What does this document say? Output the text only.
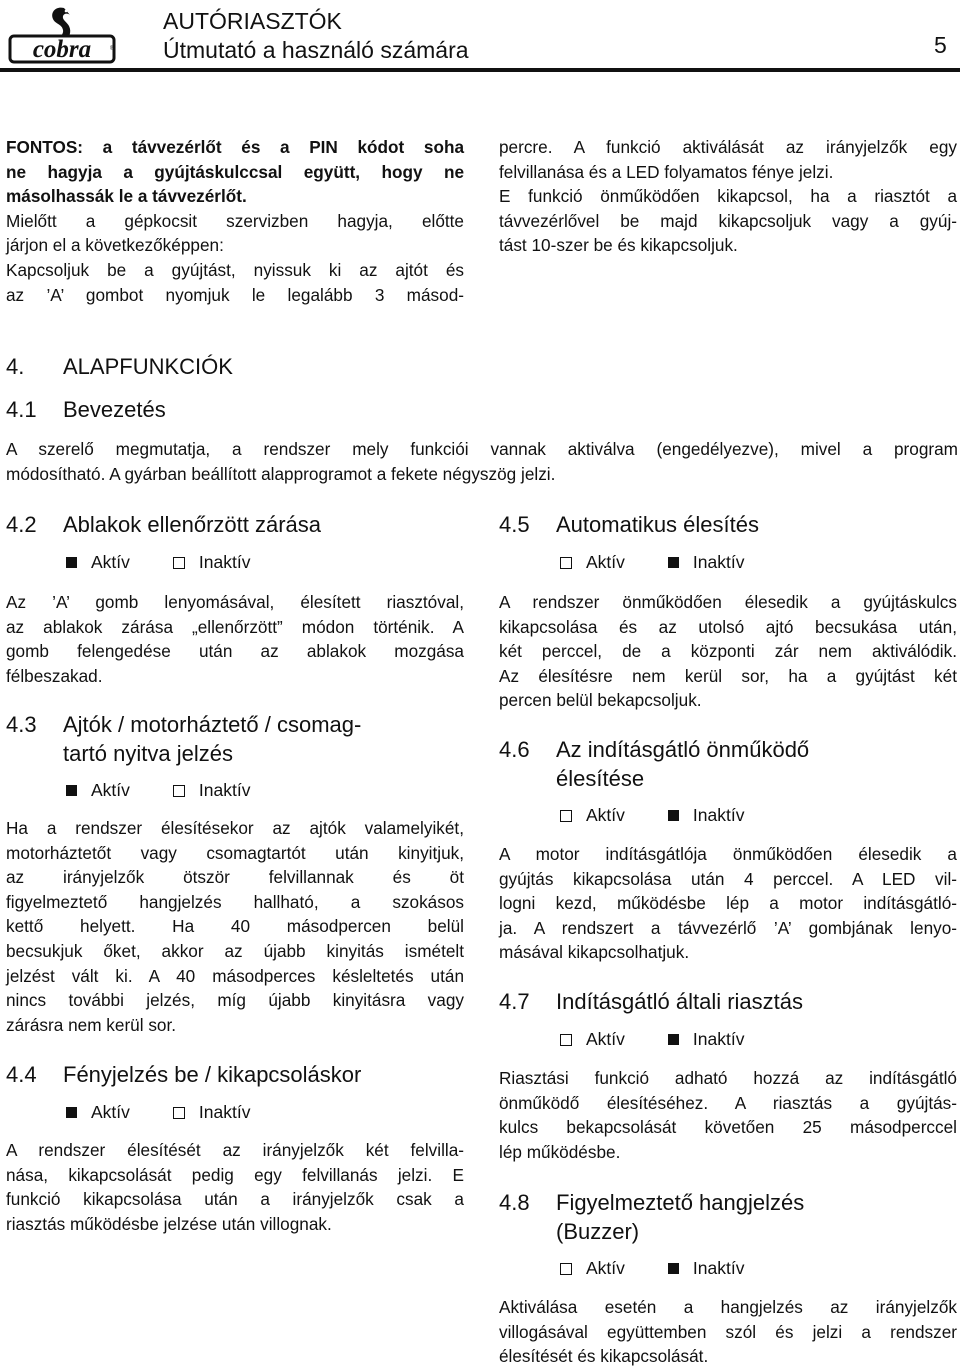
cobra	®
AUTÓRIASZTÓK
Útmutató a használó számára	5

FONTOS: a távvezérlőt és a PIN kódot soha

ne hagyja a gyújtáskulccsal együtt, hogy ne

másolhassák le a távvezérlőt.

Mielőtt a gépkocsit szervizben hagyja, előtte

járjon el a következőképpen:

Kapcsoljuk be a gyújtást, nyissuk ki az ajtót és

az ’A’ gombot nyomjuk le legalább 3 másod-

percre. A funkció aktiválását az irányjelzők egy

felvillanása és a LED folyamatos fénye jelzi.

E funkció önműködően kikapcsol, ha a riasztót a

távvezérlővel be majd kikapcsoljuk vagy a gyúj-

tást 10-szer be és kikapcsoljuk.

4. ALAPFUNKCIÓK
4.1 Bevezetés

A szerelő megmutatja, a rendszer mely funkciói vannak aktiválva (engedélyezve), mivel a program

módosítható. A gyárban beállított alapprogramot a fekete négyszög jelzi.

4.2 Ablakok ellenőrzött zárása
Aktív	Inaktív

Az ’A’ gomb lenyomásával, élesített riasztóval,

az ablakok zárása „ellenőrzött” módon történik. A

gomb felengedése után az ablakok mozgása

félbeszakad.

4.3 Ajtók / motorháztető / csomag-
tartó nyitva jelzés
Aktív	Inaktív

Ha a rendszer élesítésekor az ajtók valamelyikét,

motorháztetőt vagy csomagtartót után kinyitjuk,

az irányjelzők ötször felvillannak és öt

figyelmeztető hangjelzés hallható, a szokásos

kettő helyett. Ha 40 másodpercen belül

becsukjuk őket, akkor az újabb kinyitás ismételt

jelzést vált ki. A 40 másodperces késleltetés után

nincs további jelzés, míg újabb kinyitásra vagy

zárásra nem kerül sor.

4.4 Fényjelzés be / kikapcsoláskor
Aktív	Inaktív

A rendszer élesítését az irányjelzők két felvilla-

nása, kikapcsolását pedig egy felvillanás jelzi. E

funkció kikapcsolása után a irányjelzők csak a

riasztás működésbe jelzése után villognak.

4.5 Automatikus élesítés
Aktív	Inaktív

A rendszer önműködően élesedik a gyújtáskulcs

kikapcsolása és az utolsó ajtó becsukása után,

két perccel, de a központi zár nem aktiválódik.

Az élesítésre nem kerül sor, ha a gyújtást két

percen belül bekapcsoljuk.

4.6 Az indításgátló önműködő
élesítése
Aktív	Inaktív

A motor indításgátlója önműködően élesedik a

gyújtás kikapcsolása után 4 perccel. A LED vil-

logni kezd, működésbe lép a motor indításgátló-

ja. A rendszert a távvezérlő ’A’ gombjának lenyo-

másával kikapcsolhatjuk.

4.7 Indításgátló általi riasztás
Aktív	Inaktív

Riasztási funkció adható hozzá az indításgátló

önműködő élesítéséhez. A riasztás a gyújtás-

kulcs bekapcsolását követően 25 másodperccel

lép működésbe.

4.8 Figyelmeztető hangjelzés
(Buzzer)
Aktív	Inaktív

Aktiválása esetén a hangjelzés az irányjelzők

villogásával együttemben szól és jelzi a rendszer

élesítését és kikapcsolását.
